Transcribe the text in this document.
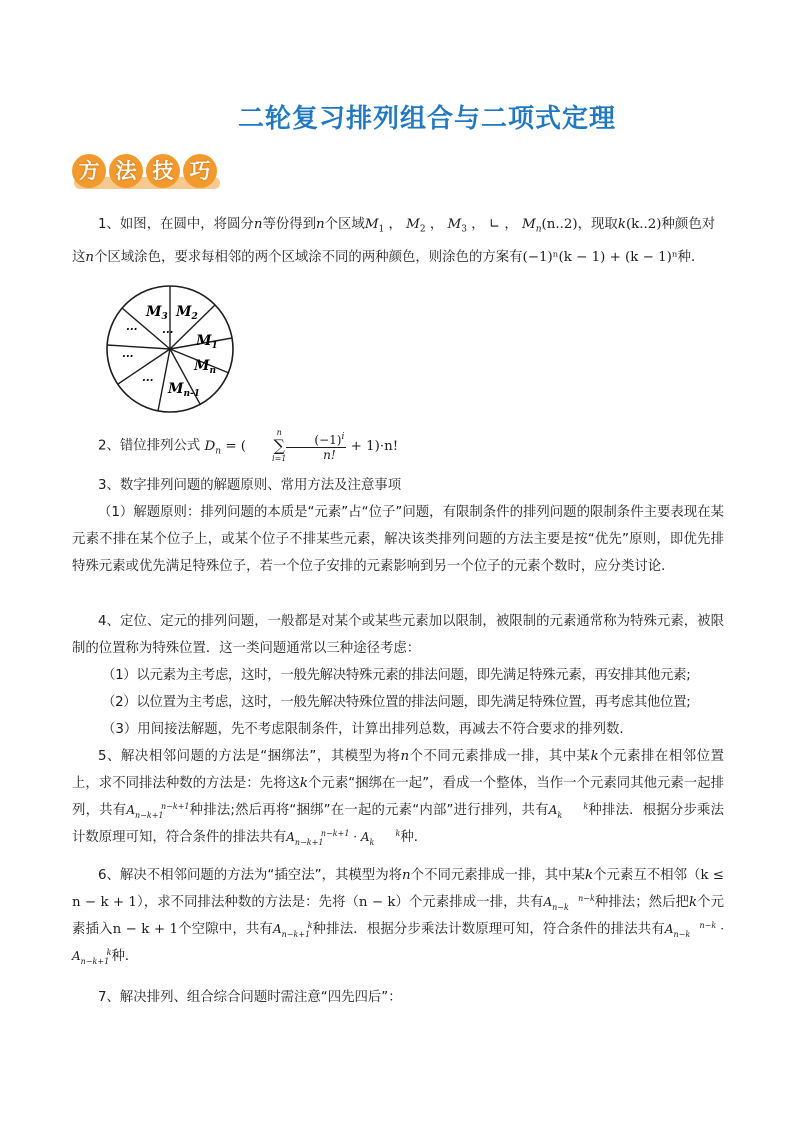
二轮复习排列组合与二项式定理
方 法 技 巧
1、如图，在圆中，将圆分n等份得到n个区域$M_1$ ， $M_2$ ， $M_3$ ， ∟ ， $M_n(n..2)$，现取k(k..2)种颜色对
这n个区域涂色，要求每相邻的两个区域涂不同的两种颜色，则涂色的方案有(−1)ⁿ(k − 1) + (k − 1)ⁿ种．
$M_3$ $M_2$
$M_1$
$M_n$
$M_{n-1}$
...
...
...
...
2、错位排列公式 $D_n$ = (
n
∑
$i=1 \frac{(-1)^i}{n!} + 1)\cdot n$!
3、数字排列问题的解题原则、常用方法及注意事项
（1）解题原则：排列问题的本质是“元素”占“位子”问题，有限制条件的排列问题的限制条件主要表现在某元素不排在某个位子上，或某个位子不排某些元素，解决该类排列问题的方法主要是按“优先”原则，即优先排特殊元素或优先满足特殊位子，若一个位子安排的元素影响到另一个位子的元素个数时，应分类讨论．
4、定位、定元的排列问题，一般都是对某个或某些元素加以限制，被限制的元素通常称为特殊元素，被限制的位置称为特殊位置．这一类问题通常以三种途径考虑：
（1）以元素为主考虑，这时，一般先解决特殊元素的排法问题，即先满足特殊元素，再安排其他元素;
（2）以位置为主考虑，这时，一般先解决特殊位置的排法问题，即先满足特殊位置，再考虑其他位置;
（3）用间接法解题，先不考虑限制条件，计算出排列总数，再减去不符合要求的排列数．
5、解决相邻问题的方法是“捆绑法”，其模型为将n个不同元素排成一排，其中某k个元素排在相邻位置上，求不同排法种数的方法是：先将这k个元素“捆绑在一起”，看成一个整体，当作一个元素同其他元素一起排列，共有A	n−k+1
n−k+1 种排法;然后再将“捆绑”在一起的元素“内部”进行排列，共有A	k
k 种排法．根据分步乘法计数原理可知，符合条件的排法共有A	n−k+1
n−k+1 · A	k
k 种．
6、解决不相邻问题的方法为“插空法”，其模型为将n个不同元素排成一排，其中某k个元素互不相邻（k ≤ n − k + 1），求不同排法种数的方法是：先将（n − k）个元素排成一排，共有A	n−k
n−k 种排法；然后把k个元素插入n − k + 1个空隙中，共有A	k
n−k+1 种排法．根据分步乘法计数原理可知，符合条件的排法共有A	n−k
n−k · A	k
n−k+1 种．
7、解决排列、组合综合问题时需注意“四先四后”：
